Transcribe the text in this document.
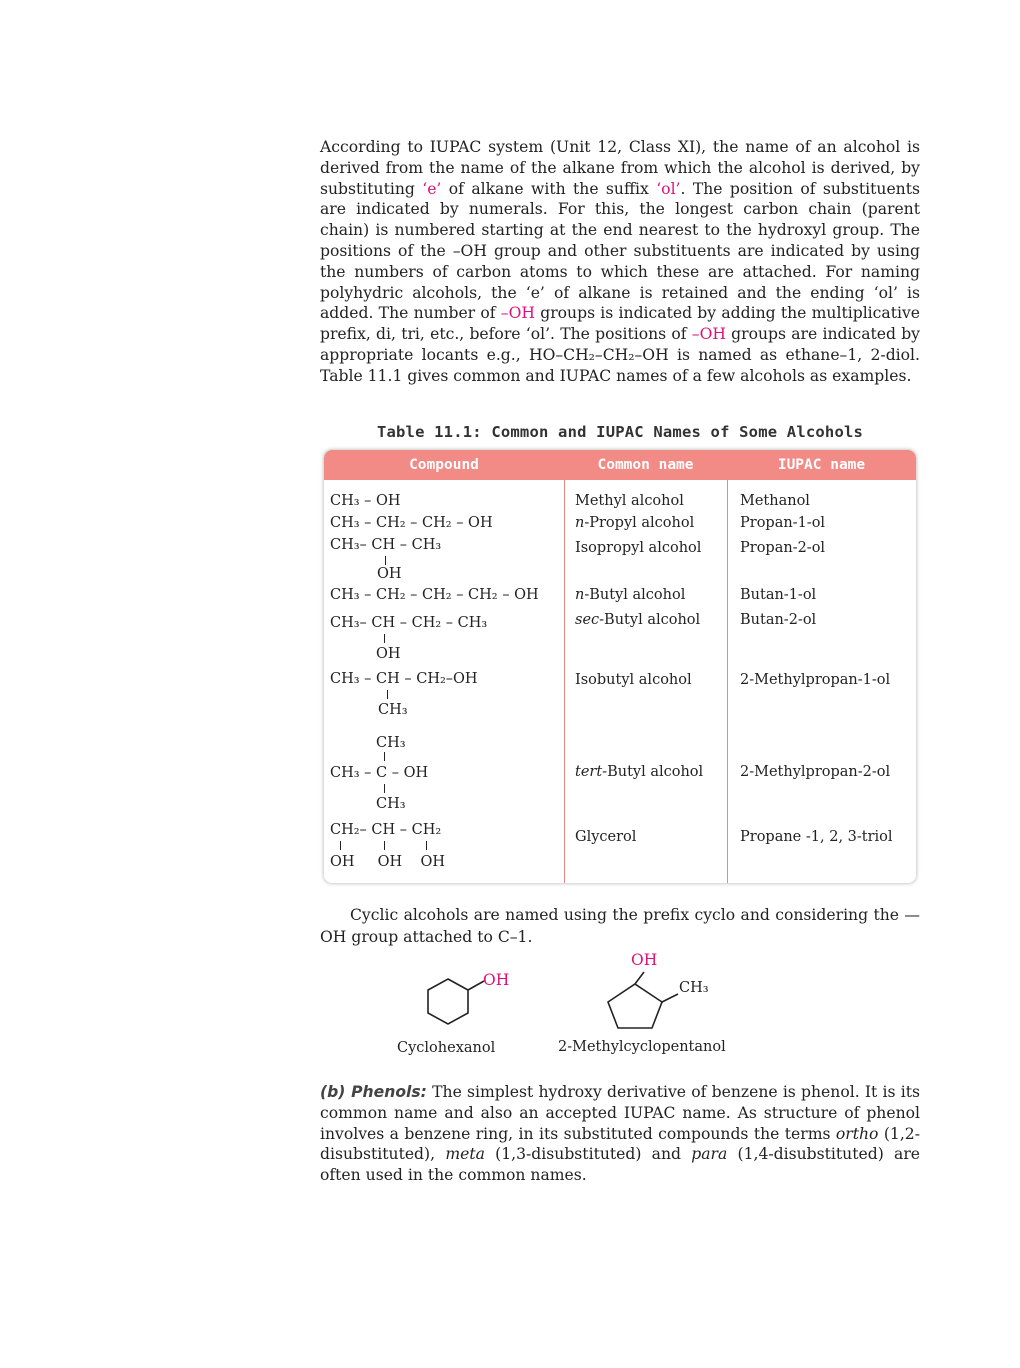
According to IUPAC system (Unit 12, Class XI), the name of an alcohol is derived from the name of the alkane from which the alcohol is derived, by substituting ‘e’ of alkane with the suffix ‘ol’. The position of substituents are indicated by numerals. For this, the longest carbon chain (parent chain) is numbered starting at the end nearest to the hydroxyl group. The positions of the –OH group and other substituents are indicated by using the numbers of carbon atoms to which these are attached. For naming polyhydric alcohols, the ‘e’ of alkane is retained and the ending ‘ol’ is added. The number of –OH groups is indicated by adding the multiplicative prefix, di, tri, etc., before ‘ol’. The positions of –OH groups are indicated by appropriate locants e.g., HO–CH₂–CH₂–OH is named as ethane–1, 2-diol. Table 11.1 gives common and IUPAC names of a few alcohols as examples.

Table 11.1: Common and IUPAC Names of Some Alcohols
Compound	Common name	IUPAC name
CH₃ – OH
CH₃ – CH₂ – CH₂ – OH
CH₃– CH – CH₃
OH
CH₃ – CH₂ – CH₂ – CH₂ – OH
CH₃– CH – CH₂ – CH₃
OH
CH₃ – CH – CH₂–OH
CH₃
CH₃
CH₃ – C – OH
CH₃
CH₂– CH – CH₂
OH     OH    OH
Methyl alcohol
n-Propyl alcohol
Isopropyl alcohol
n-Butyl alcohol
sec-Butyl alcohol
Isobutyl alcohol
tert-Butyl alcohol
Glycerol
Methanol
Propan-1-ol
Propan-2-ol
Butan-1-ol
Butan-2-ol
2-Methylpropan-1-ol
2-Methylpropan-2-ol
Propane -1, 2, 3-triol

Cyclic alcohols are named using the prefix cyclo and considering the —OH group attached to C–1.

OH
Cyclohexanol
OH
CH₃
2-Methylcyclopentanol

(b) Phenols: The simplest hydroxy derivative of benzene is phenol. It is its common name and also an accepted IUPAC name. As structure of phenol involves a benzene ring, in its substituted compounds the terms ortho (1,2- disubstituted), meta (1,3-disubstituted) and para (1,4-disubstituted) are often used in the common names.
